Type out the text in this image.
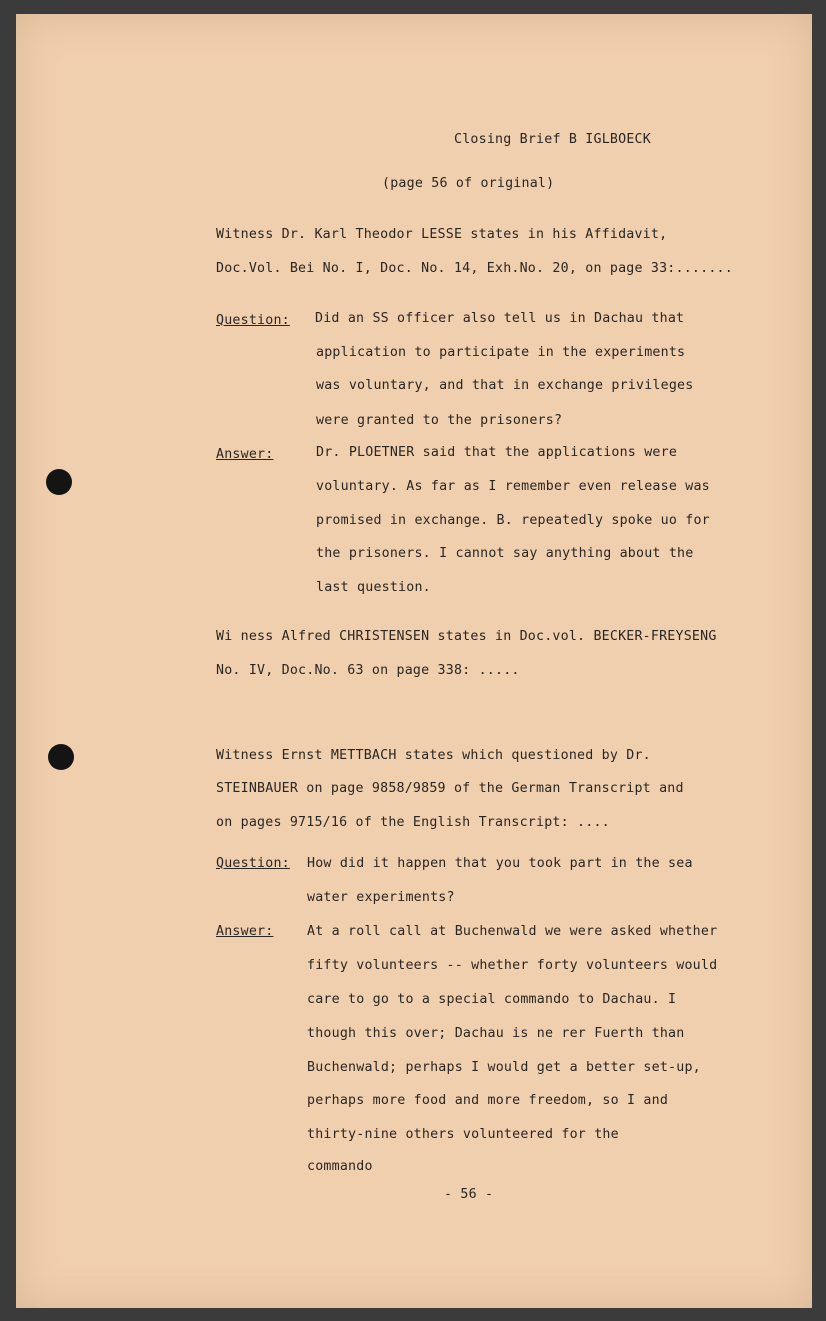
Closing Brief B IGLBOECK
(page 56 of original)
Witness Dr. Karl Theodor LESSE states in his Affidavit,
Doc.Vol. Bei No. I, Doc. No. 14, Exh.No. 20, on page 33:.......
Question: Did an SS officer also tell us in Dachau that
application to participate in the experiments
was voluntary, and that in exchange privileges
were granted to the prisoners?
Answer:	Dr. PLOETNER said that the applications were
voluntary. As far as I remember even release was
promised in exchange. B. repeatedly spoke uo for
the prisoners. I cannot say anything about the
last question.
Wi ness Alfred CHRISTENSEN states in Doc.vol. BECKER-FREYSENG
No. IV, Doc.No. 63 on page 338: .....
Witness Ernst METTBACH states which questioned by Dr.
STEINBAUER on page 9858/9859 of the German Transcript and
on pages 9715/16 of the English Transcript: ....
Question: How did it happen that you took part in the sea
water experiments?
Answer:	At a roll call at Buchenwald we were asked whether
fifty volunteers -- whether forty volunteers would
care to go to a special commando to Dachau. I
though this over; Dachau is ne rer Fuerth than
Buchenwald; perhaps I would get a better set-up,
perhaps more food and more freedom, so I and
thirty-nine others volunteered for the
commando
- 56 -
